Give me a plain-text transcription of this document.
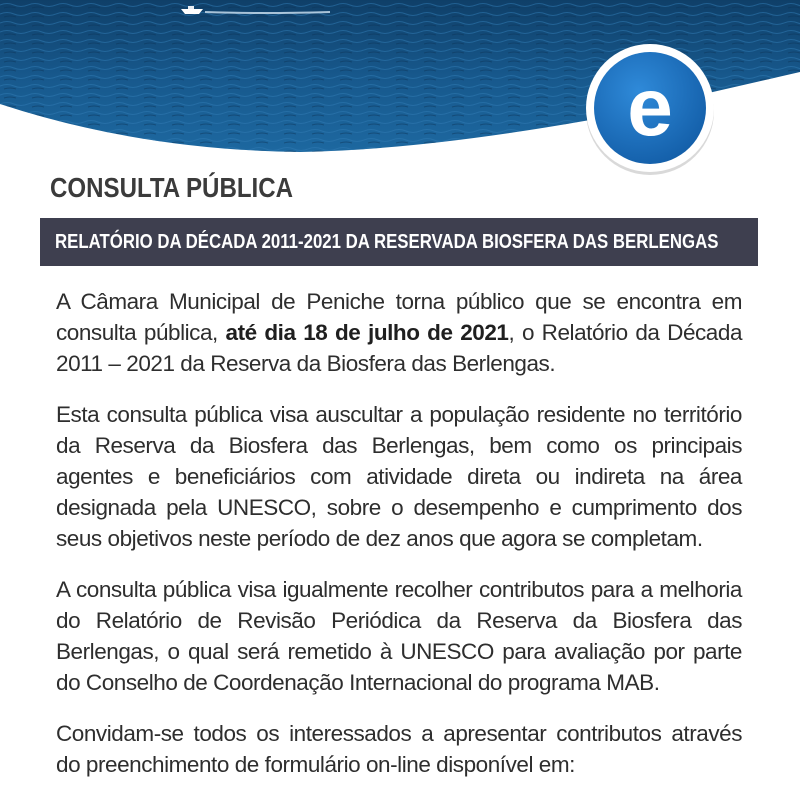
e
CONSULTA PÚBLICA
RELATÓRIO DA DÉCADA 2011-2021 DA RESERVADA BIOSFERA DAS BERLENGAS

A Câmara Municipal de Peniche torna público que se encontra em consulta pública, até dia 18 de julho de 2021, o Relatório da Década 2011 – 2021 da Reserva da Biosfera das Berlengas.

Esta consulta pública visa auscultar a população residente no território da Reserva da Biosfera das Berlengas, bem como os principais agentes e beneficiários com atividade direta ou indireta na área designada pela UNESCO, sobre o desempenho e cumprimento dos seus objetivos neste período de dez anos que agora se completam.

A consulta pública visa igualmente recolher contributos para a melhoria do Relatório de Revisão Periódica da Reserva da Biosfera das Berlengas, o qual será remetido à UNESCO para avaliação por parte do Conselho de Coordenação Internacional do programa MAB.

Convidam-se todos os interessados a apresentar contributos através do preenchimento de formulário on-line disponível em:
